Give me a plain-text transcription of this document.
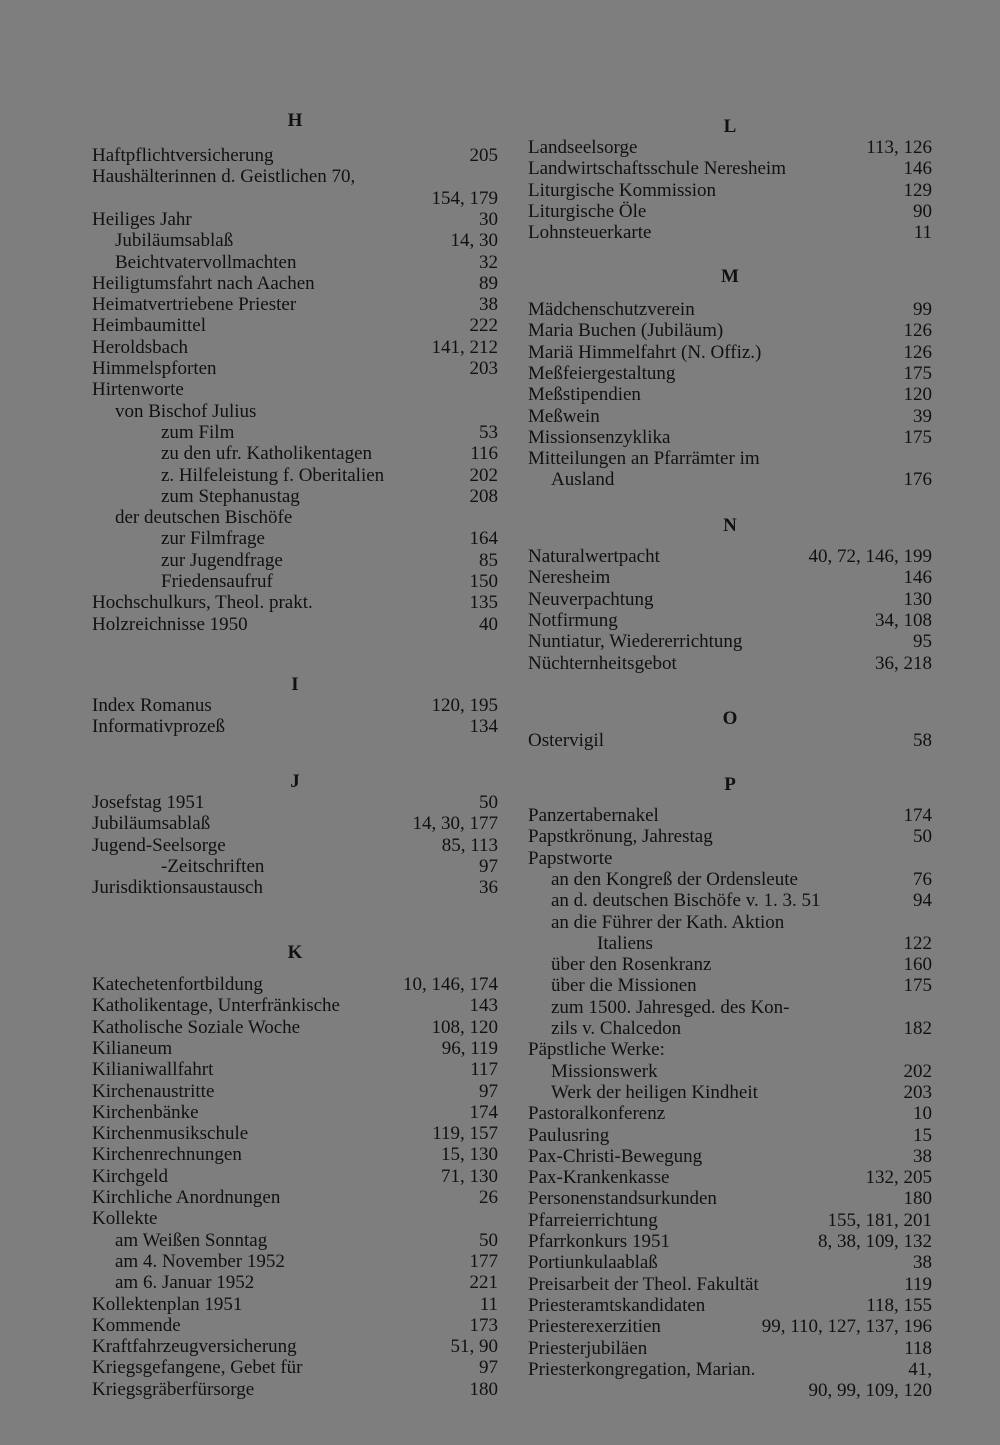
H
Haftpflichtversicherung	205
Haushälterinnen d. Geistlichen 70,
154, 179
Heiliges Jahr	30
Jubiläumsablaß	14, 30
Beichtvatervollmachten	32
Heiligtumsfahrt nach Aachen	89
Heimatvertriebene Priester	38
Heimbaumittel	222
Heroldsbach	141, 212
Himmelspforten	203
Hirtenworte
von Bischof Julius
zum Film	53
zu den ufr. Katholikentagen	116
z. Hilfeleistung f. Oberitalien	202
zum Stephanustag	208
der deutschen Bischöfe
zur Filmfrage	164
zur Jugendfrage	85
Friedensaufruf	150
Hochschulkurs, Theol. prakt.	135
Holzreichnisse 1950	40
I
Index Romanus	120, 195
Informativprozeß	134
J
Josefstag 1951	50
Jubiläumsablaß	14, 30, 177
Jugend-Seelsorge	85, 113
-Zeitschriften	97
Jurisdiktionsaustausch	36
K
Katechetenfortbildung	10, 146, 174
Katholikentage, Unterfränkische	143
Katholische Soziale Woche	108, 120
Kilianeum	96, 119
Kilianiwallfahrt	117
Kirchenaustritte	97
Kirchenbänke	174
Kirchenmusikschule	119, 157
Kirchenrechnungen	15, 130
Kirchgeld	71, 130
Kirchliche Anordnungen	26
Kollekte
am Weißen Sonntag	50
am 4. November 1952	177
am 6. Januar 1952	221
Kollektenplan 1951	11
Kommende	173
Kraftfahrzeugversicherung	51, 90
Kriegsgefangene, Gebet für	97
Kriegsgräberfürsorge	180
L
Landseelsorge	113, 126
Landwirtschaftsschule Neresheim	146
Liturgische Kommission	129
Liturgische Öle	90
Lohnsteuerkarte	11
M
Mädchenschutzverein	99
Maria Buchen (Jubiläum)	126
Mariä Himmelfahrt (N. Offiz.)	126
Meßfeiergestaltung	175
Meßstipendien	120
Meßwein	39
Missionsenzyklika	175
Mitteilungen an Pfarrämter im
Ausland	176
N
Naturalwertpacht	40, 72, 146, 199
Neresheim	146
Neuverpachtung	130
Notfirmung	34, 108
Nuntiatur, Wiedererrichtung	95
Nüchternheitsgebot	36, 218
O
Ostervigil	58
P
Panzertabernakel	174
Papstkrönung, Jahrestag	50
Papstworte
an den Kongreß der Ordensleute	76
an d. deutschen Bischöfe v. 1. 3. 51	94
an die Führer der Kath. Aktion
Italiens	122
über den Rosenkranz	160
über die Missionen	175
zum 1500. Jahresged. des Kon-
zils v. Chalcedon	182
Päpstliche Werke:
Missionswerk	202
Werk der heiligen Kindheit	203
Pastoralkonferenz	10
Paulusring	15
Pax-Christi-Bewegung	38
Pax-Krankenkasse	132, 205
Personenstandsurkunden	180
Pfarreierrichtung	155, 181, 201
Pfarrkonkurs 1951	8, 38, 109, 132
Portiunkulaablaß	38
Preisarbeit der Theol. Fakultät	119
Priesteramtskandidaten	118, 155
Priesterexerzitien	99, 110, 127, 137, 196
Priesterjubiläen	118
Priesterkongregation, Marian.	41,
90, 99, 109, 120
